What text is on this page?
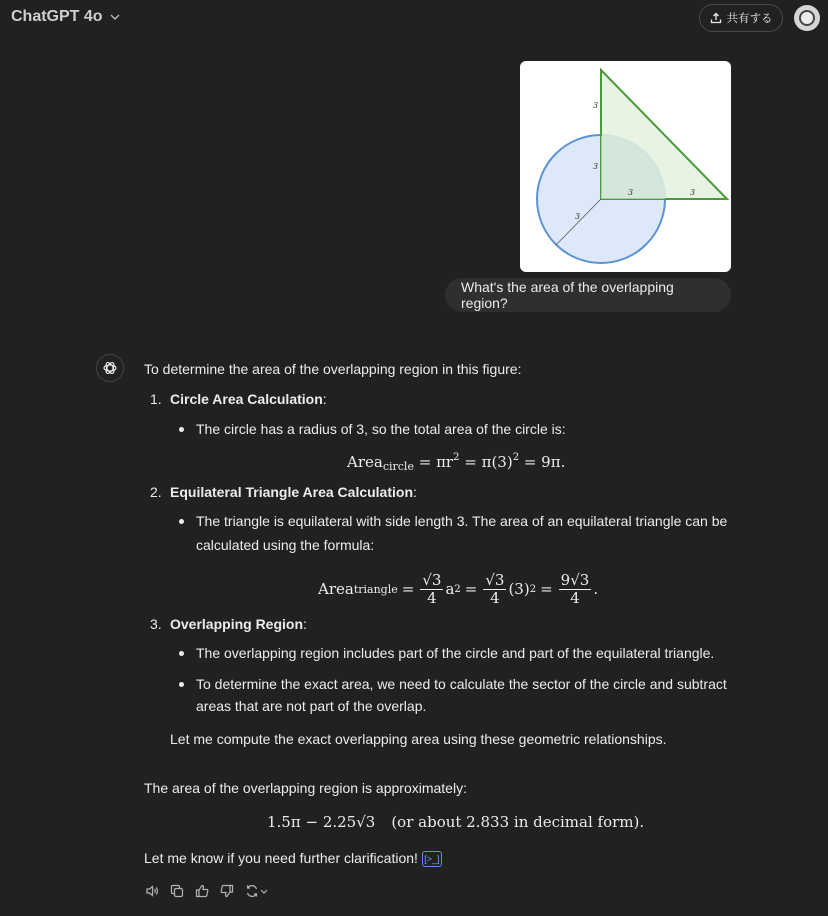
ChatGPT 4o	共有する
3
3
3	3
3
What's the area of the overlapping region?
To determine the area of the overlapping region in this figure:
1. Circle Area Calculation:
The circle has a radius of 3, so the total area of the circle is:
Area$_{circle}$ = $\pi r^2 = \pi(3)^2 = 9\pi$.
2. Equilateral Triangle Area Calculation:
The triangle is equilateral with side length 3. The area of an equilateral triangle can be
calculated using the formula:
Area triangle = $\frac{√3}{4}$ a $2 = \frac{√3}{4} (3) 2 = \frac{9√3}{4}$ .
3. Overlapping Region:
The overlapping region includes part of the circle and part of the equilateral triangle.
To determine the exact area, we need to calculate the sector of the circle and subtract
areas that are not part of the overlap.
Let me compute the exact overlapping area using these geometric relationships.
The area of the overlapping region is approximately:
1.5π − 2.25√3 (or about 2.833 in decimal form).
Let me know if you need further clarification! [>_]
